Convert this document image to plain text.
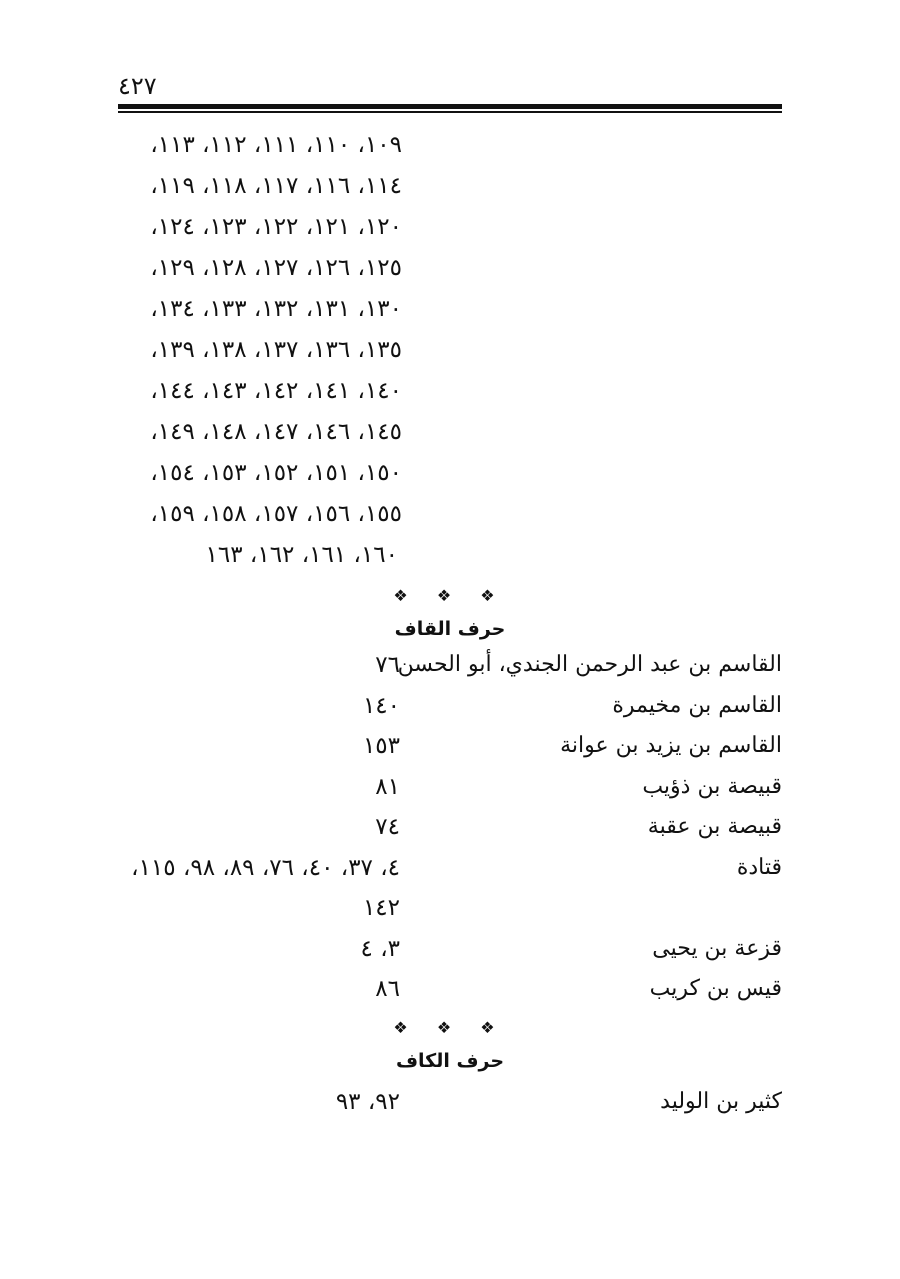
٤٢٧
١٠٩، ١١٠، ١١١، ١١٢، ١١٣،
١١٤، ١١٦، ١١٧، ١١٨، ١١٩،
١٢٠، ١٢١، ١٢٢، ١٢٣، ١٢٤،
١٢٥، ١٢٦، ١٢٧، ١٢٨، ١٢٩،
١٣٠، ١٣١، ١٣٢، ١٣٣، ١٣٤،
١٣٥، ١٣٦، ١٣٧، ١٣٨، ١٣٩،
١٤٠، ١٤١، ١٤٢، ١٤٣، ١٤٤،
١٤٥، ١٤٦، ١٤٧، ١٤٨، ١٤٩،
١٥٠، ١٥١، ١٥٢، ١٥٣، ١٥٤،
١٥٥، ١٥٦، ١٥٧، ١٥٨، ١٥٩،
١٦٠، ١٦١، ١٦٢، ١٦٣
❖ ❖ ❖
حرف القاف
القاسم بن عبد الرحمن الجندي، أبو الحسن
٧٦
القاسم بن مخيمرة
١٤٠
القاسم بن يزيد بن عوانة
١٥٣
قبيصة بن ذؤيب
٨١
قبيصة بن عقبة
٧٤
قتادة
٤، ٣٧، ٤٠، ٧٦، ٨٩، ٩٨، ١١٥،
١٤٢
قزعة بن يحيى
٣، ٤
قيس بن كريب
٨٦
❖ ❖ ❖
حرف الكاف
كثير بن الوليد
٩٢، ٩٣
